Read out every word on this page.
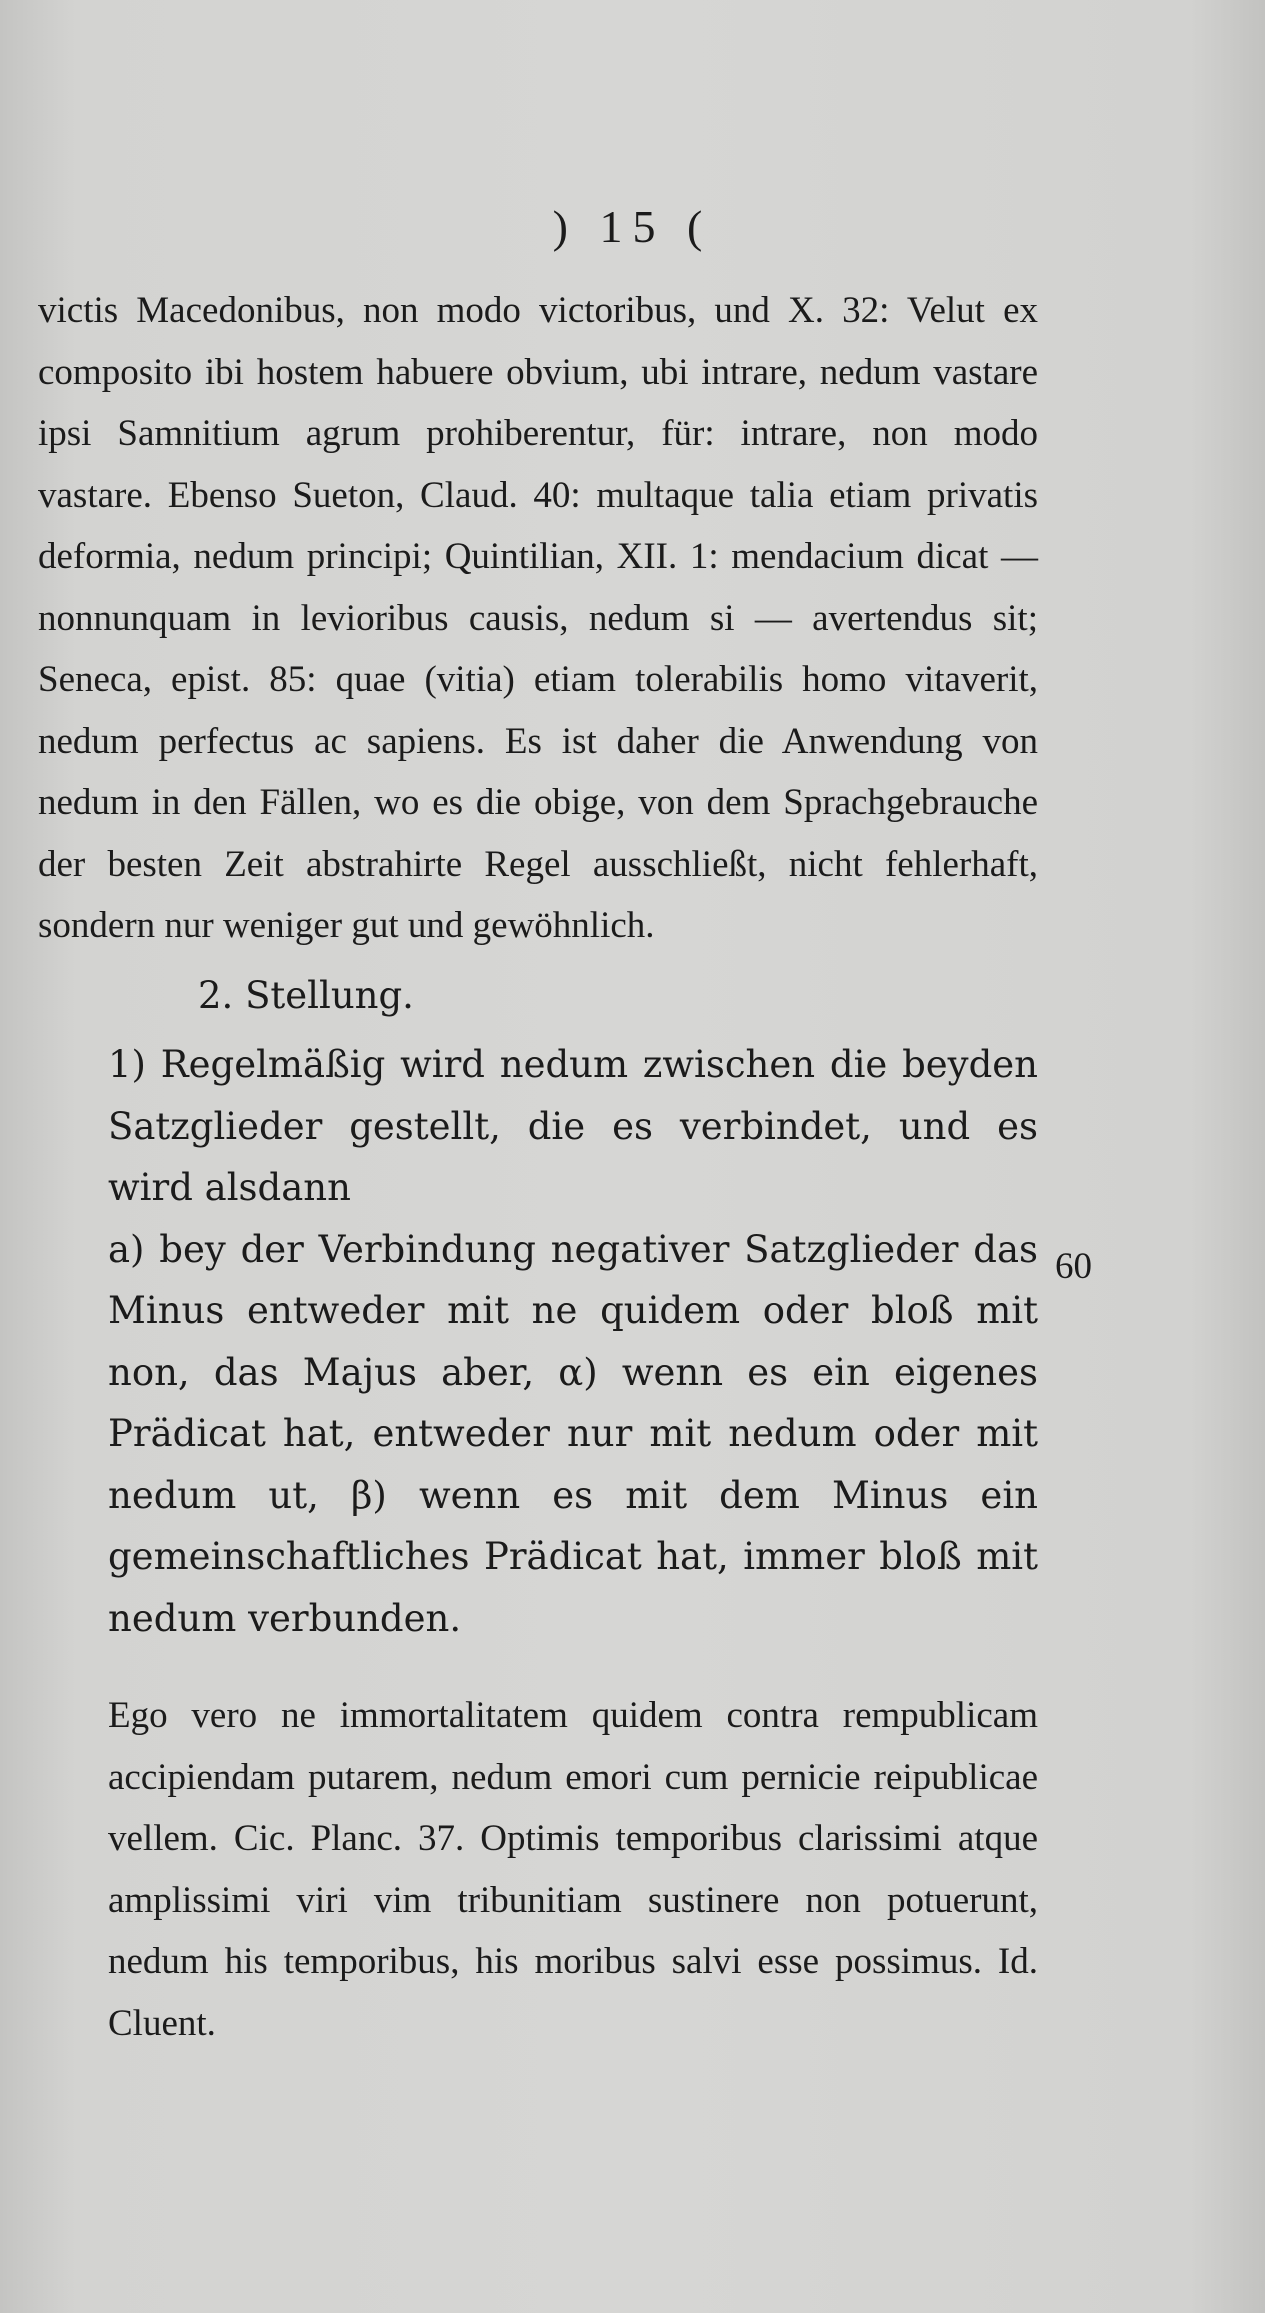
) 15 (

victis Macedonibus, non modo victoribus, und X. 32: Velut ex composito ibi hostem habuere obvium, ubi intrare, nedum vastare ipsi Samnitium agrum prohiberentur, für: intrare, non modo vastare. Ebenso Sueton, Claud. 40: multaque talia etiam privatis deformia, nedum principi; Quintilian, XII. 1: mendacium dicat — nonnunquam in levioribus causis, nedum si — avertendus sit; Seneca, epist. 85: quae (vitia) etiam tolerabilis homo vitaverit, nedum perfectus ac sapiens. Es ist daher die Anwendung von nedum in den Fällen, wo es die obige, von dem Sprachgebrauche der besten Zeit abstrahirte Regel ausschließt, nicht fehlerhaft, sondern nur weniger gut und gewöhnlich.

2. Stellung.

1) Regelmäßig wird nedum zwischen die beyden Satzglieder gestellt, die es verbindet, und es wird alsdann

a) bey der Verbindung negativer Satzglieder das Minus entweder mit ne quidem oder bloß mit non, das Majus aber, α) wenn es ein eigenes Prädicat hat, entweder nur mit nedum oder mit nedum ut, β) wenn es mit dem Minus ein gemeinschaftliches Prädicat hat, immer bloß mit nedum verbunden.

Ego vero ne immortalitatem quidem contra rempublicam accipiendam putarem, nedum emori cum pernicie reipublicae vellem. Cic. Planc. 37. Optimis temporibus clarissimi atque amplissimi viri vim tribunitiam sustinere non potuerunt, nedum his temporibus, his moribus salvi esse possimus. Id. Cluent.

60
